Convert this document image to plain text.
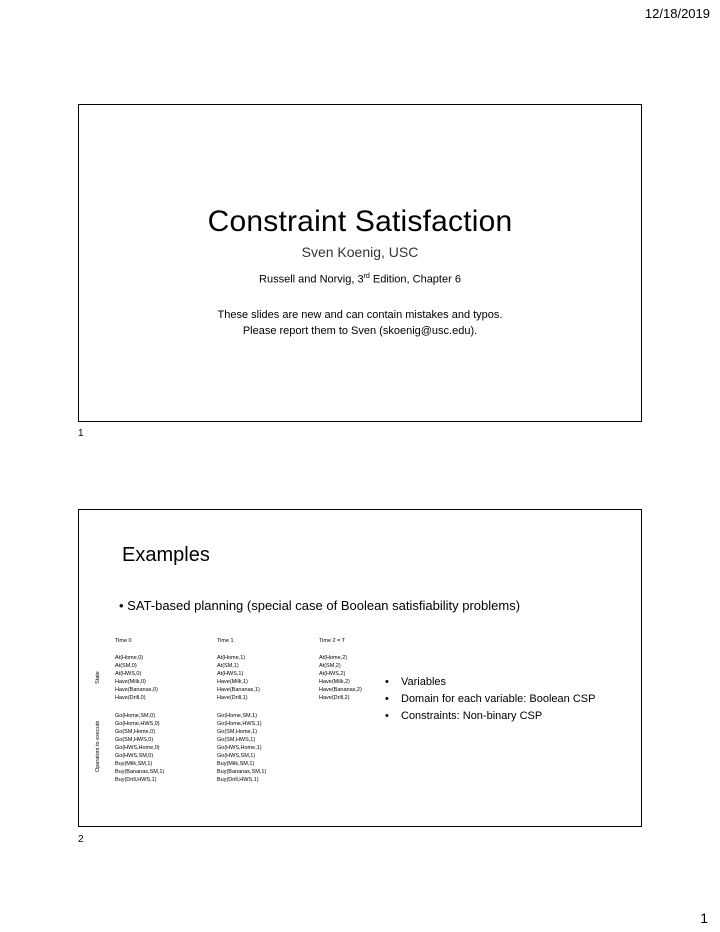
12/18/2019
Constraint Satisfaction
Sven Koenig, USC
Russell and Norvig, 3rd Edition, Chapter 6
These slides are new and can contain mistakes and typos.
Please report them to Sven (skoenig@usc.edu).
1
Examples
• SAT-based planning (special case of Boolean satisfiability problems)
Time 0	Time 1	Time 2 = T
State
Operators to execute
At(Home,0)
At(SM,0)
At(HWS,0)
Have(Milk,0)
Have(Bananas,0)
Have(Drill,0)
At(Home,1)
At(SM,1)
At(HWS,1)
Have(Milk,1)
Have(Bananas,1)
Have(Drill,1)
At(Home,2)
At(SM,2)
At(HWS,2)
Have(Milk,2)
Have(Bananas,2)
Have(Drill,2)
Go(Home,SM,0)
Go(Home,HWS,0)
Go(SM,Home,0)
Go(SM,HWS,0)
Go(HWS,Home,0)
Go(HWS,SM,0)
Buy(Milk,SM,1)
Buy(Bananas,SM,1)
Buy(Drill,HWS,1)
Go(Home,SM,1)
Go(Home,HWS,1)
Go(SM,Home,1)
Go(SM,HWS,1)
Go(HWS,Home,1)
Go(HWS,SM,1)
Buy(Milk,SM,1)
Buy(Bananas,SM,1)
Buy(Drill,HWS,1)
• Variables
• Domain for each variable: Boolean CSP
• Constraints: Non-binary CSP
2
1
